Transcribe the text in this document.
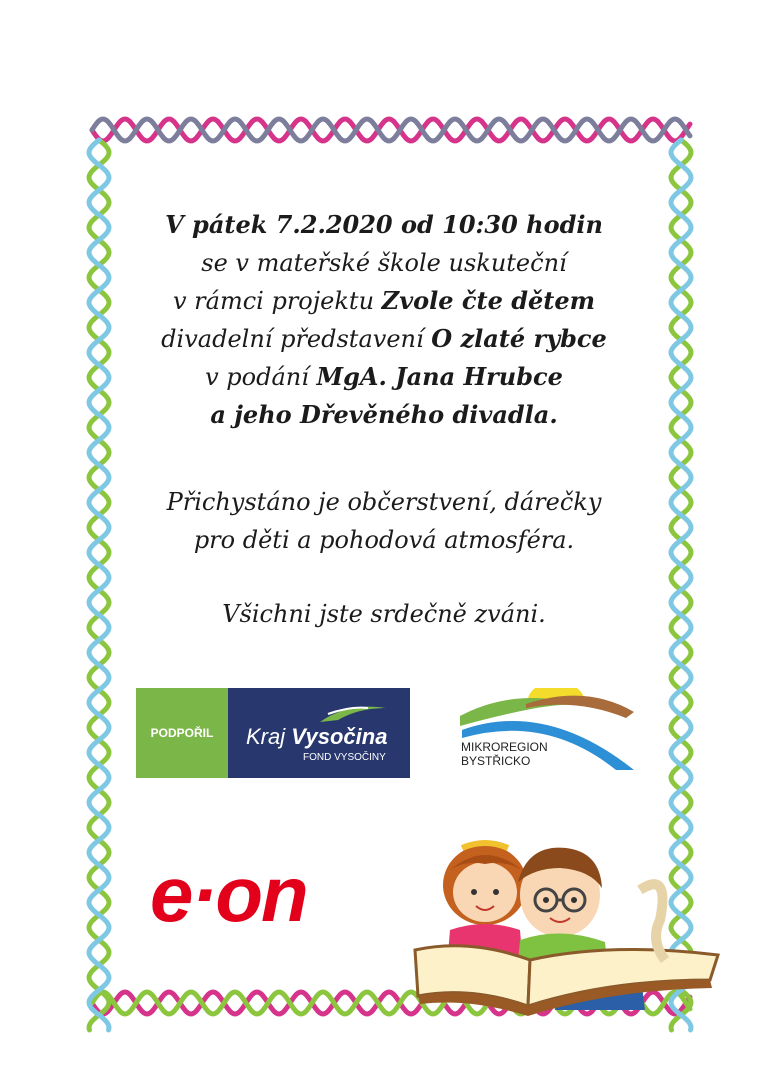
V pátek 7.2.2020 od 10:30 hodin
se v mateřské škole uskuteční
v rámci projektu Zvole čte dětem
divadelní představení O zlaté rybce
v podání MgA. Jana Hrubce
a jeho Dřevěného divadla.
Přichystáno je občerstvení, dárečky
pro děti a pohodová atmosféra.
Všichni jste srdečně zváni.
PODPOŘIL	Kraj Vysočina
FOND VYSOČINY
MIKROREGION
BYSTŘICKO
e·on
